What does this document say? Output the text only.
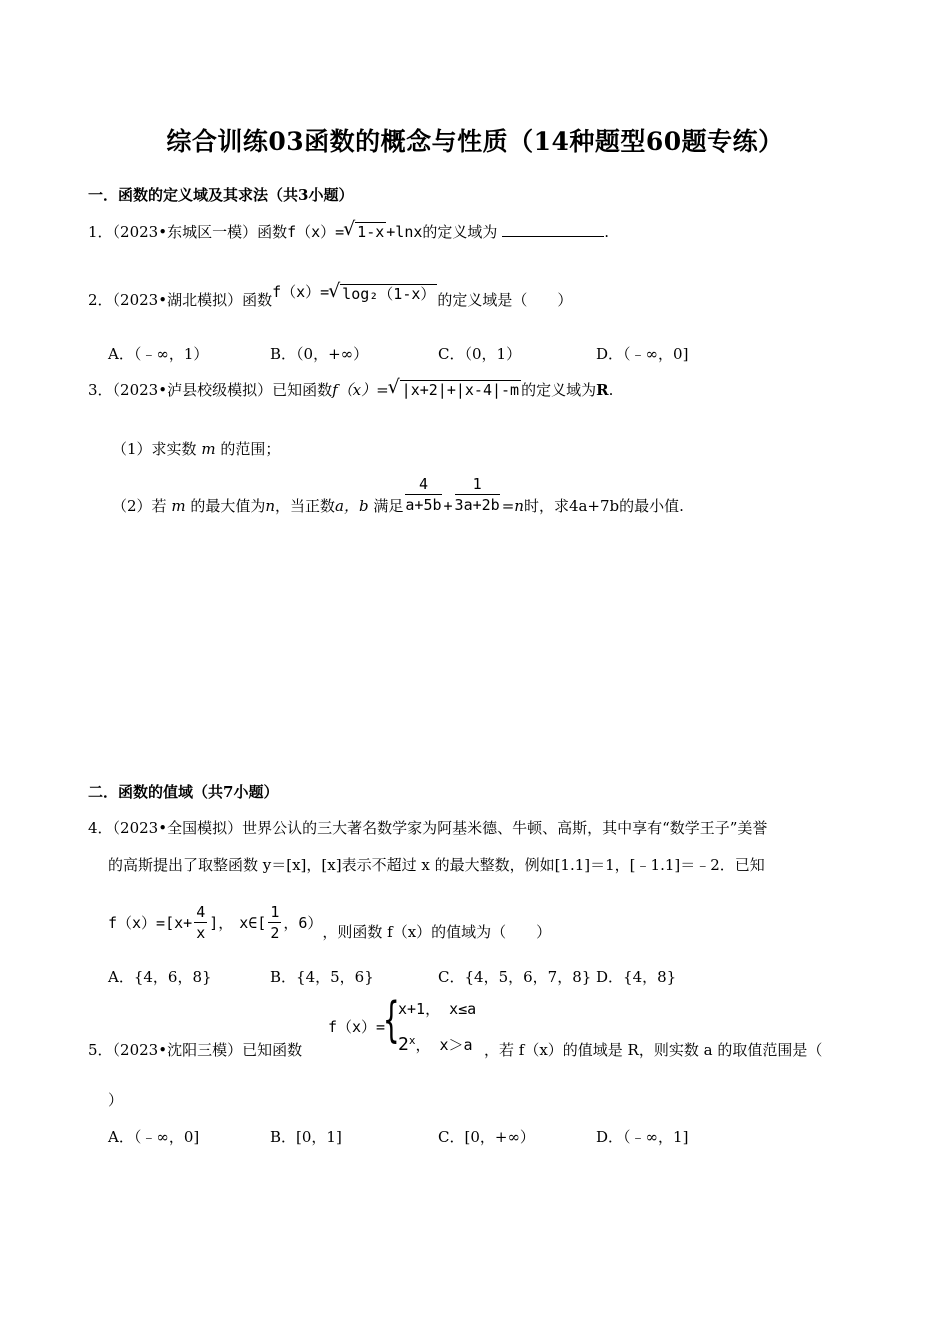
综合训练03函数的概念与性质（14种题型60题专练）
一．函数的定义域及其求法（共3小题）
1．（2023•东城区一模）函数f（x）= √ 1-x +lnx的定义域为	.
2．（2023•湖北模拟）函数f（x）= √ log₂（1-x） 的定义域是（　　）
A．（﹣∞，1）	B．（0，+∞）	C．（0，1）	D．（﹣∞，0]
3．（2023•泸县校级模拟）已知函数f（x）= √ |x+2|+|x-4|-m 的定义域为R.
（1）求实数 m 的范围；
（2）若 m 的最大值为n，当正数a，b 满足 $\frac{4}{a+5b} + \frac{1}{3a+2b} =n$时，求4a+7b的最小值.
二．函数的值域（共7小题）
4．（2023•全国模拟）世界公认的三大著名数学家为阿基米德、牛顿、高斯，其中享有“数学王子”美誉
的高斯提出了取整函数 y＝[x]，[x]表示不超过 x 的最大整数，例如[1.1]＝1，[﹣1.1]＝﹣2．已知
$f(x)=[x+ \frac{4}{x}$ ]， x∈[ $\frac{1}{2}$ ，6），则函数 f（x）的值域为（　　）
A．{4，6，8}	B．{4，5，6}	C．{4，5，6，7，8} D．{4，8}
5．（2023•沈阳三模）已知函数
f（x）=
{
x+1， x≤a
2$^x$， x＞a ，若 f（x）的值域是 R，则实数 a 的取值范围是（
）
A．（﹣∞，0]	B．[0，1]	C．[0，+∞）	D．（﹣∞，1]
